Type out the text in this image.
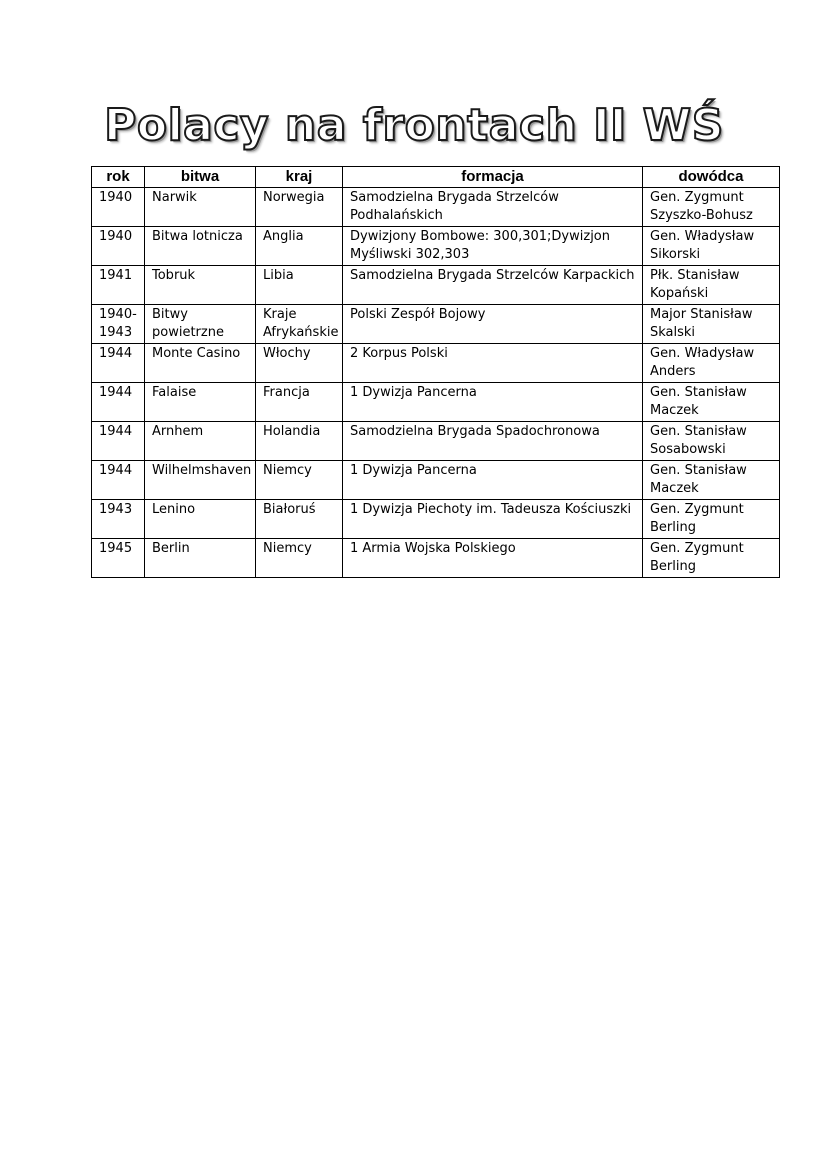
Polacy na frontach II WŚ
rok	bitwa	kraj	formacja	dowódca
1940	Narwik	Norwegia	Samodzielna Brygada Strzelców Podhalańskich	Gen. Zygmunt Szyszko-Bohusz
1940	Bitwa lotnicza	Anglia	Dywizjony Bombowe: 300,301;Dywizjon Myśliwski 302,303	Gen. Władysław Sikorski
1941	Tobruk	Libia	Samodzielna Brygada Strzelców Karpackich	Płk. Stanisław Kopański
1940-1943	Bitwy powietrzne	Kraje Afrykańskie	Polski Zespół Bojowy	Major Stanisław Skalski
1944	Monte Casino	Włochy	2 Korpus Polski	Gen. Władysław Anders
1944	Falaise	Francja	1 Dywizja Pancerna	Gen. Stanisław Maczek
1944	Arnhem	Holandia	Samodzielna Brygada Spadochronowa	Gen. Stanisław Sosabowski
1944	Wilhelmshaven	Niemcy	1 Dywizja Pancerna	Gen. Stanisław Maczek
1943	Lenino	Białoruś	1 Dywizja Piechoty im. Tadeusza Kościuszki	Gen. Zygmunt Berling
1945	Berlin	Niemcy	1 Armia Wojska Polskiego	Gen. Zygmunt Berling
